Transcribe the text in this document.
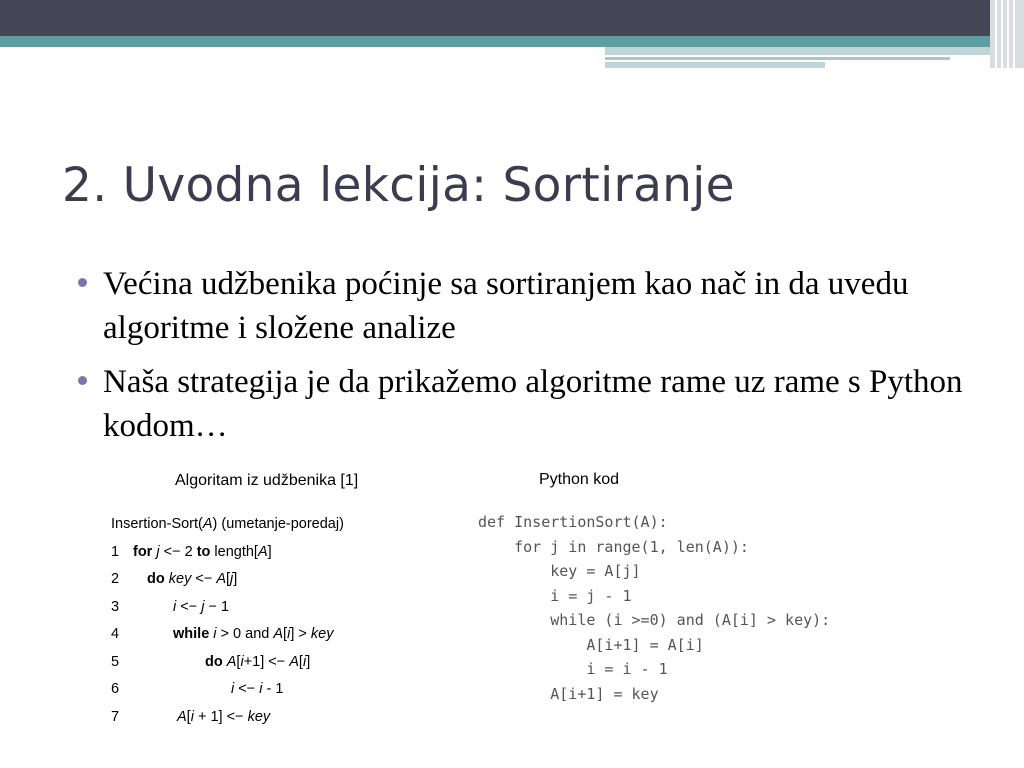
2. Uvodna lekcija: Sortiranje
Većina udžbenika poćinje sa sortiranjem kao nač in da uvedu algoritme i složene analize
Naša strategija je da prikažemo algoritme rame uz rame s Python kodom…
Algoritam iz udžbenika [1]	Python kod
Insertion-Sort(A) (umetanje-poredaj)
1 for j <− 2 to length[A]
2 do key <− A[j]
3	i <− j − 1
4	while i > 0 and A[i] > key
5	do A[i+1] <− A[i]
6	i <− i - 1
7	A[i + 1] <− key
def InsertionSort(A):
for j in range(1, len(A)):
key = A[j]
i = j - 1
while (i >=0) and (A[i] > key):
A[i+1] = A[i]
i = i - 1
A[i+1] = key
